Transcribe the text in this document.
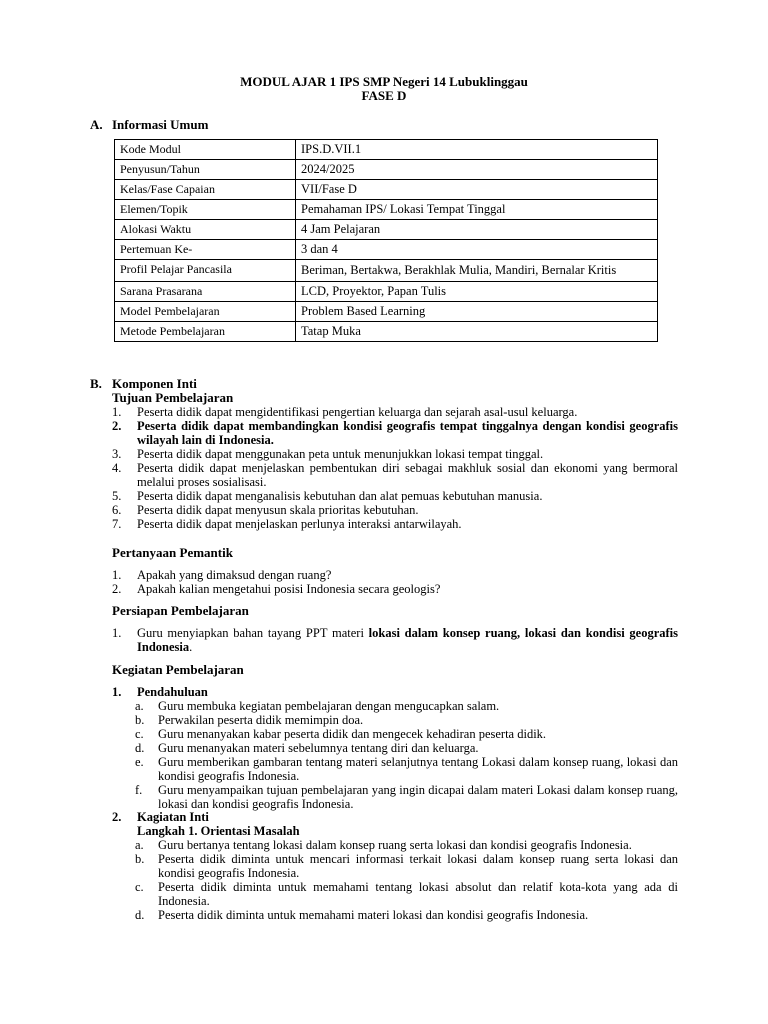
MODUL AJAR 1 IPS SMP Negeri 14 Lubuklinggau
FASE D
A. Informasi Umum
Kode Modul	IPS.D.VII.1
Penyusun/Tahun	2024/2025
Kelas/Fase Capaian	VII/Fase D
Elemen/Topik	Pemahaman IPS/ Lokasi Tempat Tinggal
Alokasi Waktu	4 Jam Pelajaran
Pertemuan Ke-	3 dan 4
Profil Pelajar Pancasila	Beriman, Bertakwa, Berakhlak Mulia, Mandiri, Bernalar Kritis
Sarana Prasarana	LCD, Proyektor, Papan Tulis
Model Pembelajaran	Problem Based Learning
Metode Pembelajaran	Tatap Muka
B. Komponen Inti
Tujuan Pembelajaran
1. Peserta didik dapat mengidentifikasi pengertian keluarga dan sejarah asal-usul keluarga.
2. Peserta didik dapat membandingkan kondisi geografis tempat tinggalnya dengan kondisi geografis wilayah lain di Indonesia.
3. Peserta didik dapat menggunakan peta untuk menunjukkan lokasi tempat tinggal.
4. Peserta didik dapat menjelaskan pembentukan diri sebagai makhluk sosial dan ekonomi yang bermoral melalui proses sosialisasi.
5. Peserta didik dapat menganalisis kebutuhan dan alat pemuas kebutuhan manusia.
6. Peserta didik dapat menyusun skala prioritas kebutuhan.
7. Peserta didik dapat menjelaskan perlunya interaksi antarwilayah.
Pertanyaan Pemantik
1. Apakah yang dimaksud dengan ruang?
2. Apakah kalian mengetahui posisi Indonesia secara geologis?
Persiapan Pembelajaran
1. Guru menyiapkan bahan tayang PPT materi lokasi dalam konsep ruang, lokasi dan kondisi geografis Indonesia.
Kegiatan Pembelajaran
1. Pendahuluan
a. Guru membuka kegiatan pembelajaran dengan mengucapkan salam.
b. Perwakilan peserta didik memimpin doa.
c. Guru menanyakan kabar peserta didik dan mengecek kehadiran peserta didik.
d. Guru menanyakan materi sebelumnya tentang diri dan keluarga.
e. Guru memberikan gambaran tentang materi selanjutnya tentang Lokasi dalam konsep ruang, lokasi dan kondisi geografis Indonesia.
f. Guru menyampaikan tujuan pembelajaran yang ingin dicapai dalam materi Lokasi dalam konsep ruang, lokasi dan kondisi geografis Indonesia.
2. Kagiatan Inti
Langkah 1. Orientasi Masalah
a. Guru bertanya tentang lokasi dalam konsep ruang serta lokasi dan kondisi geografis Indonesia.
b. Peserta didik diminta untuk mencari informasi terkait lokasi dalam konsep ruang serta lokasi dan kondisi geografis Indonesia.
c. Peserta didik diminta untuk memahami tentang lokasi absolut dan relatif kota-kota yang ada di Indonesia.
d. Peserta didik diminta untuk memahami materi lokasi dan kondisi geografis Indonesia.
